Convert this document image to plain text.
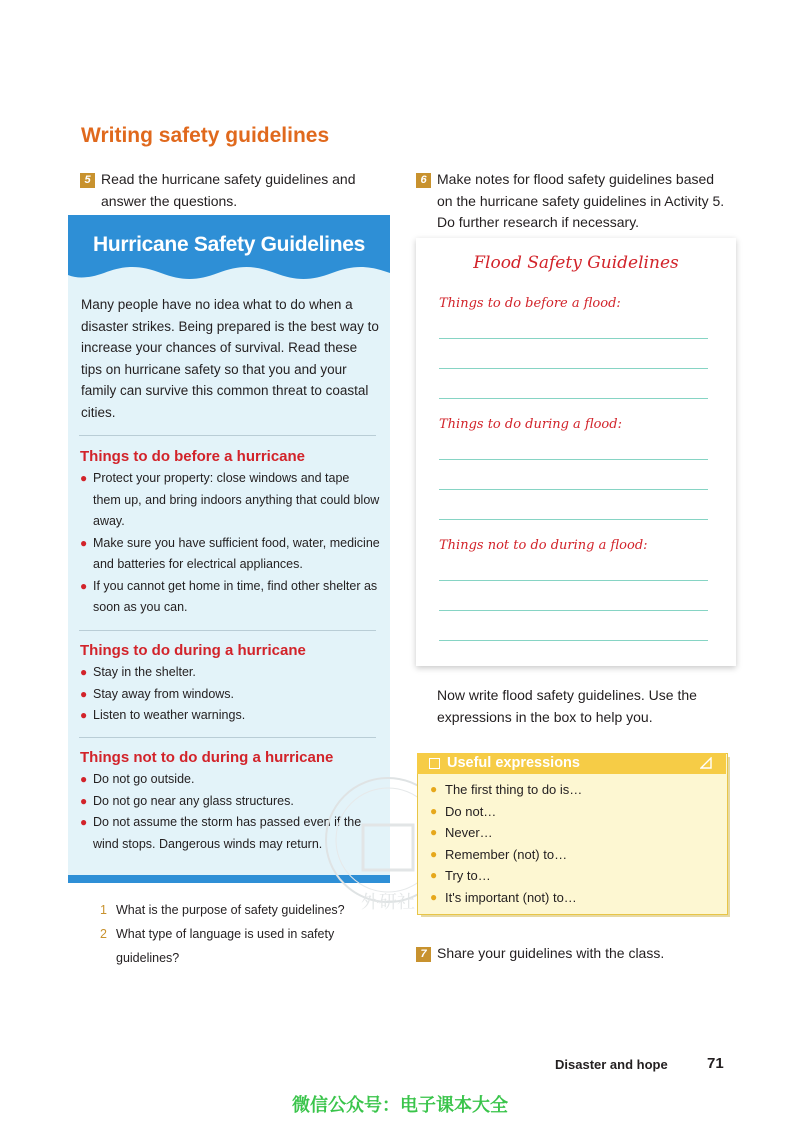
Writing safety guidelines
5 Read the hurricane safety guidelines and
answer the questions.
Hurricane Safety Guidelines
Many people have no idea what to do when a disaster strikes. Being prepared is the best way to increase your chances of survival. Read these tips on hurricane safety so that you and your family can survive this common threat to coastal cities.
Things to do before a hurricane
● Protect your property: close windows and tape them up, and bring indoors anything that could blow away.
● Make sure you have sufficient food, water, medicine and batteries for electrical appliances.
● If you cannot get home in time, find other shelter as soon as you can.
Things to do during a hurricane
● Stay in the shelter.
● Stay away from windows.
● Listen to weather warnings.
Things not to do during a hurricane
● Do not go outside.
● Do not go near any glass structures.
● Do not assume the storm has passed even if the wind stops. Dangerous winds may return.
1 What is the purpose of safety guidelines?
2 What type of language is used in safety guidelines?
外研社
6 Make notes for flood safety guidelines based
on the hurricane safety guidelines in Activity 5.
Do further research if necessary.
Flood Safety Guidelines
Things to do before a flood:
Things to do during a flood:
Things not to do during a flood:
Now write flood safety guidelines. Use the
expressions in the box to help you.
Useful expressions
● The first thing to do is…
● Do not…
● Never…
● Remember (not) to…
● Try to…
● It's important (not) to…
7 Share your guidelines with the class.
Disaster and hope	71
微信公众号：电子课本大全
